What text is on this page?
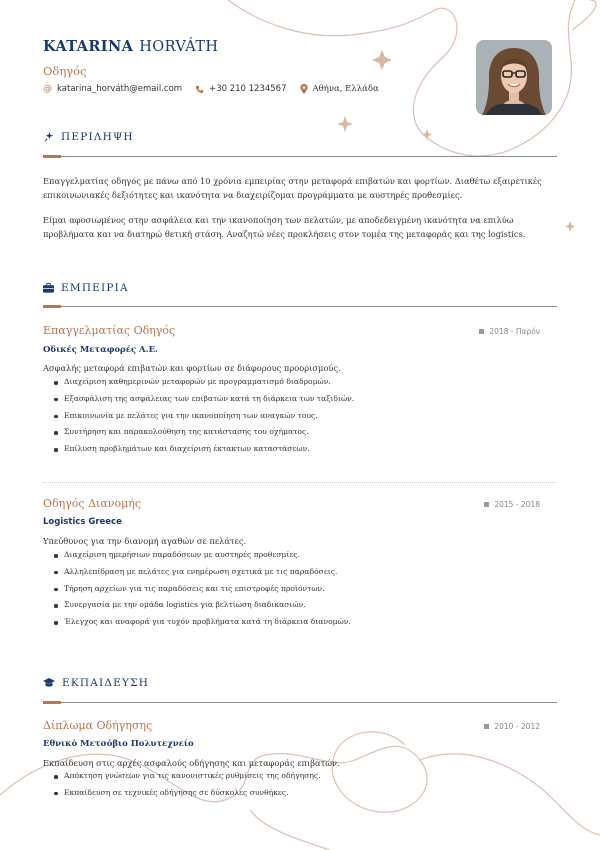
KATARINA HORVÁTH
Οδηγός
@ katarina_horváth@email.com	+30 210 1234567	Αθήνα, Ελλάδα
ΠΕΡΙΛΗΨΗ

Επαγγελματίας οδηγός με πάνω από 10 χρόνια εμπειρίας στην μεταφορά επιβατών και φορτίων. Διαθέτω εξαιρετικές επικοινωνιακές δεξιότητες και ικανότητα να διαχειρίζομαι προγράμματα με αυστηρές προθεσμίες.

Είμαι αφοσιωμένος στην ασφάλεια και την ικανοποίηση των πελατών, με αποδεδειγμένη ικανότητα να επιλύω προβλήματα και να διατηρώ θετική στάση. Αναζητώ νέες προκλήσεις στον τομέα της μεταφοράς και της logistics.

ΕΜΠΕΙΡΙΑ
Επαγγελματίας Οδηγός	2018 - Παρόν
Οδικές Μεταφορές Α.Ε.
Ασφαλής μεταφορά επιβατών και φορτίων σε διάφορους προορισμούς.
Διαχείριση καθημερινών μεταφορών με προγραμματισμό διαδρομών.
Εξασφάλιση της ασφάλειας των επιβατών κατά τη διάρκεια των ταξιδιών.
Επικοινωνία με πελάτες για την ικανοποίηση των αναγκών τους.
Συντήρηση και παρακολούθηση της κατάστασης του οχήματος.
Επίλυση προβλημάτων και διαχείριση έκτακτων καταστάσεων.
Οδηγός Διανομής	2015 - 2018
Logistics Greece
Υπεύθυνος για την διανομή αγαθών σε πελάτες.
Διαχείριση ημερήσιων παραδόσεων με αυστηρές προθεσμίες.
Αλληλεπίδραση με πελάτες για ενημέρωση σχετικά με τις παραδόσεις.
Τήρηση αρχείων για τις παραδόσεις και τις επιστροφές προϊόντων.
Συνεργασία με την ομάδα logistics για βελτίωση διαδικασιών.
Έλεγχος και αναφορά για τυχόν προβλήματα κατά τη διάρκεια διανομών.
ΕΚΠΑΙΔΕΥΣΗ
Δίπλωμα Οδήγησης	2010 - 2012
Εθνικό Μετσόβιο Πολυτεχνείο
Εκπαίδευση στις αρχές ασφαλούς οδήγησης και μεταφοράς επιβατών.
Απόκτηση γνώσεων για τις κανονιστικές ρυθμίσεις της οδήγησης.
Εκπαίδευση σε τεχνικές οδήγησης σε δύσκολες συνθήκες.
